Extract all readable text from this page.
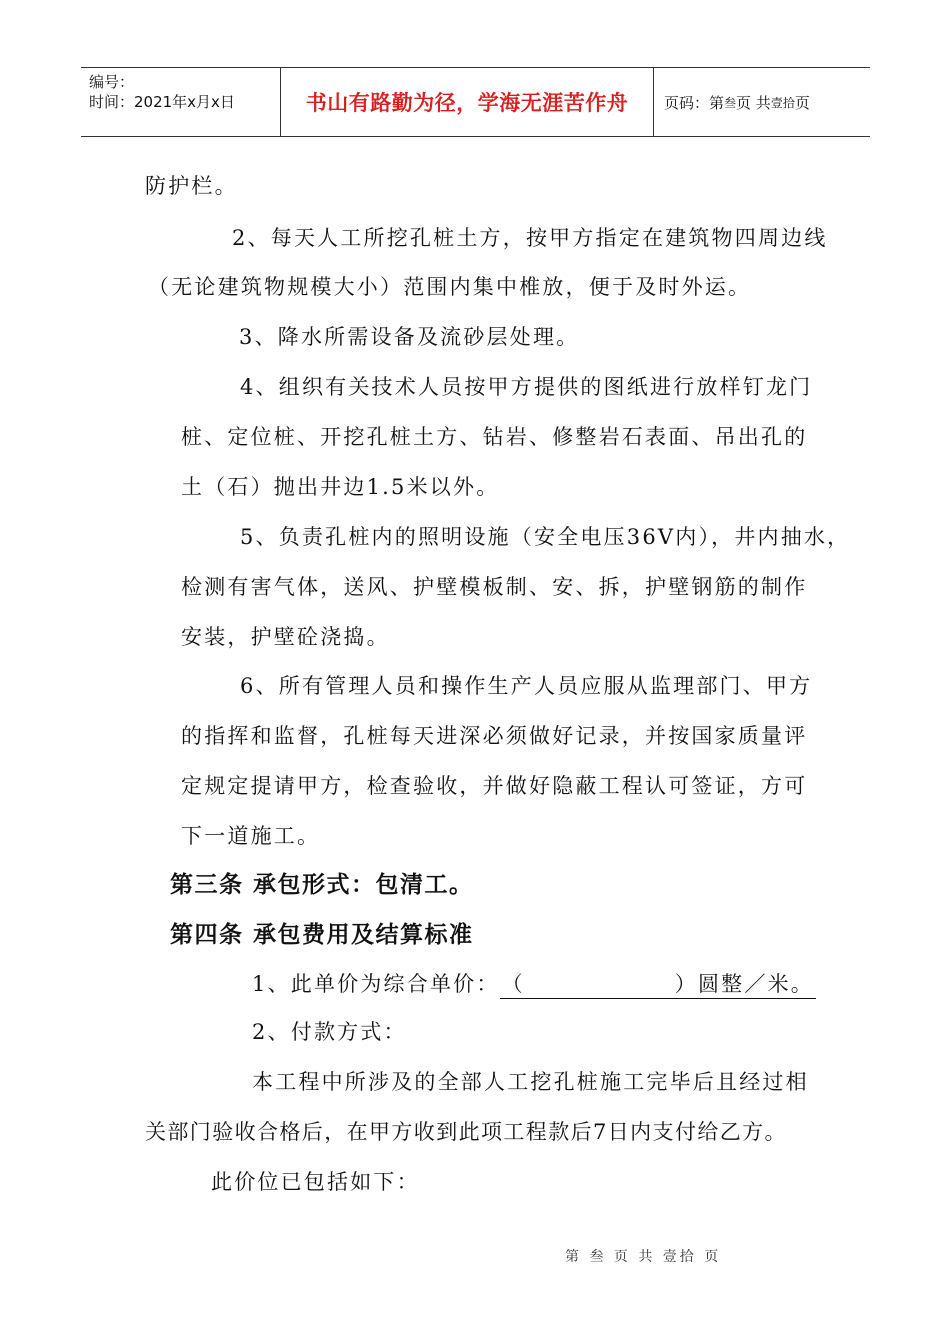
编号：
时间：2021年x月x日	书山有路勤为径，学海无涯苦作舟	页码：第 叁 页 共 壹拾 页
防护栏。
2、每天人工所挖孔桩土方，按甲方指定在建筑物四周边线
（无论建筑物规模大小）范围内集中椎放，便于及时外运。
3、降水所需设备及流砂层处理。
4、组织有关技术人员按甲方提供的图纸进行放样钉龙门
桩、定位桩、开挖孔桩土方、钻岩、修整岩石表面、吊出孔的
土（石）抛出井边1.5米以外。
5、负责孔桩内的照明设施（安全电压36V内），井内抽水，
检测有害气体，送风、护壁模板制、安、拆，护壁钢筋的制作
安装，护壁砼浇捣。
6、所有管理人员和操作生产人员应服从监理部门、甲方
的指挥和监督，孔桩每天进深必须做好记录，并按国家质量评
定规定提请甲方，检查验收，并做好隐蔽工程认可签证，方可
下一道施工。
第三条 承包形式：包清工。
第四条 承包费用及结算标准
1、此单价为综合单价：（	）圆整／米。
2、付款方式：
本工程中所涉及的全部人工挖孔桩施工完毕后且经过相
关部门验收合格后，在甲方收到此项工程款后7日内支付给乙方。
此价位已包括如下：
第 叁 页 共 壹拾 页
